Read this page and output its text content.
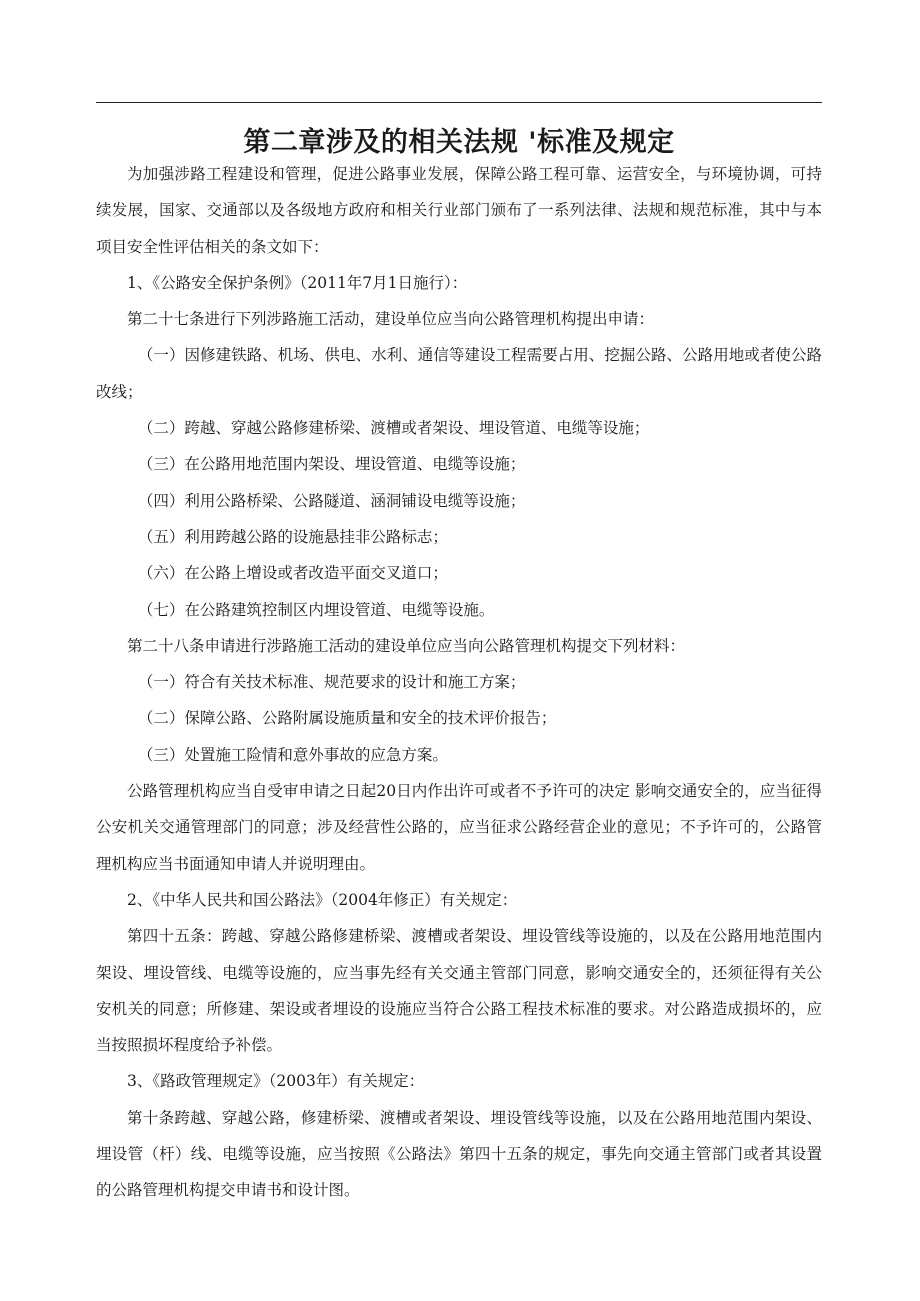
第二章涉及的相关法规 '标准及规定

为加强涉路工程建设和管理，促进公路事业发展，保障公路工程可靠、运营安全，与环境协调，可持续发展，国家、交通部以及各级地方政府和相关行业部门颁布了一系列法律、法规和规范标准，其中与本项目安全性评估相关的条文如下：

1、《公路安全保护条例》（2011年7月1日施行）：

第二十七条进行下列涉路施工活动，建设单位应当向公路管理机构提出申请：

（一）因修建铁路、机场、供电、水利、通信等建设工程需要占用、挖掘公路、公路用地或者使公路改线；

（二）跨越、穿越公路修建桥梁、渡槽或者架设、埋设管道、电缆等设施；

（三）在公路用地范围内架设、埋设管道、电缆等设施；

（四）利用公路桥梁、公路隧道、涵洞铺设电缆等设施；

（五）利用跨越公路的设施悬挂非公路标志；

（六）在公路上增设或者改造平面交叉道口；

（七）在公路建筑控制区内埋设管道、电缆等设施。

第二十八条申请进行涉路施工活动的建设单位应当向公路管理机构提交下列材料：

（一）符合有关技术标准、规范要求的设计和施工方案；

（二）保障公路、公路附属设施质量和安全的技术评价报告；

（三）处置施工险情和意外事故的应急方案。

公路管理机构应当自受审申请之日起20日内作出许可或者不予许可的决定 影响交通安全的，应当征得公安机关交通管理部门的同意；涉及经营性公路的，应当征求公路经营企业的意见；不予许可的，公路管理机构应当书面通知申请人并说明理由。

2、《中华人民共和国公路法》（2004年修正）有关规定：

第四十五条：跨越、穿越公路修建桥梁、渡槽或者架设、埋设管线等设施的，以及在公路用地范围内架设、埋设管线、电缆等设施的，应当事先经有关交通主管部门同意，影响交通安全的，还须征得有关公安机关的同意；所修建、架设或者埋设的设施应当符合公路工程技术标准的要求。对公路造成损坏的，应当按照损坏程度给予补偿。

3、《路政管理规定》（2003年）有关规定：

第十条跨越、穿越公路，修建桥梁、渡槽或者架设、埋设管线等设施，以及在公路用地范围内架设、埋设管（杆）线、电缆等设施，应当按照《公路法》第四十五条的规定，事先向交通主管部门或者其设置的公路管理机构提交申请书和设计图。
